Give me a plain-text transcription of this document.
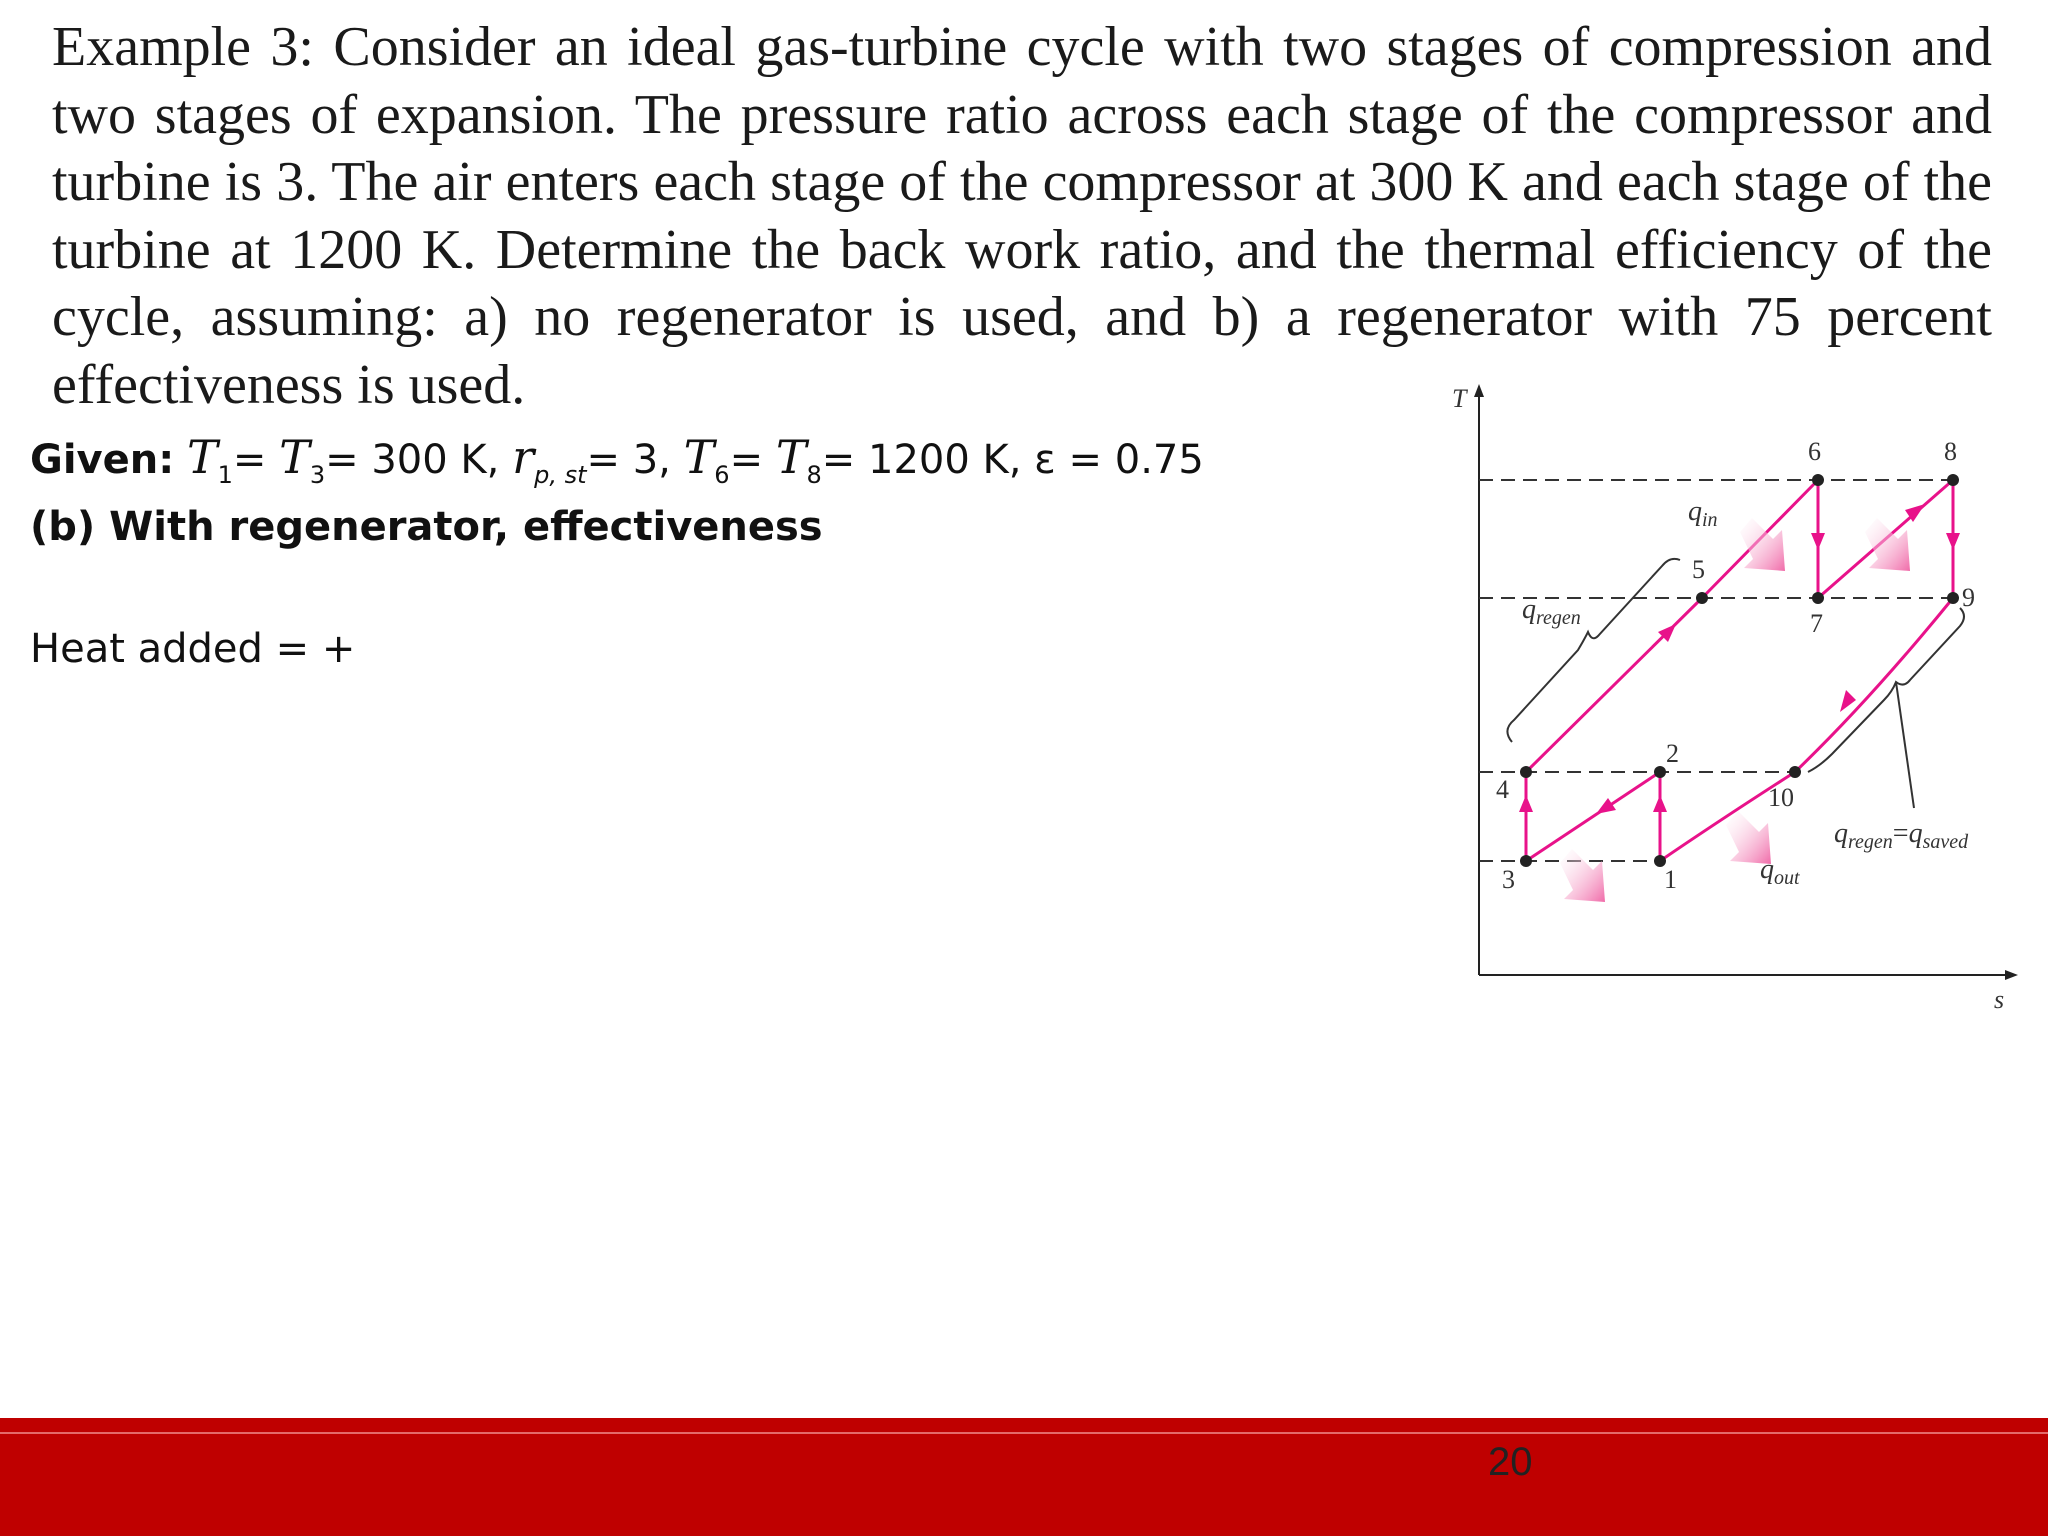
Example 3: Consider an ideal gas-turbine cycle with two stages of compression and two stages of expansion. The pressure ratio across each stage of the compressor and turbine is 3. The air enters each stage of the compressor at 300 K and each stage of the turbine at 1200 K. Determine the back work ratio, and the thermal efficiency of the cycle, assuming: a) no regenerator is used, and b) a regenerator with 75 percent effectiveness is used.

Given: $T_1= T_3= 300$ K, $r_{p, st}= 3$, $T_6= T_8= 1200$ K, ε = 0.75
(b) With regenerator, effectiveness
Heat added = +
T
s
1
2
3
4
5
6
7
8
9
10
$q_{in}$
$q_{regen}$
$q_{out}$
$q_{regen}=q_{saved}$
20
